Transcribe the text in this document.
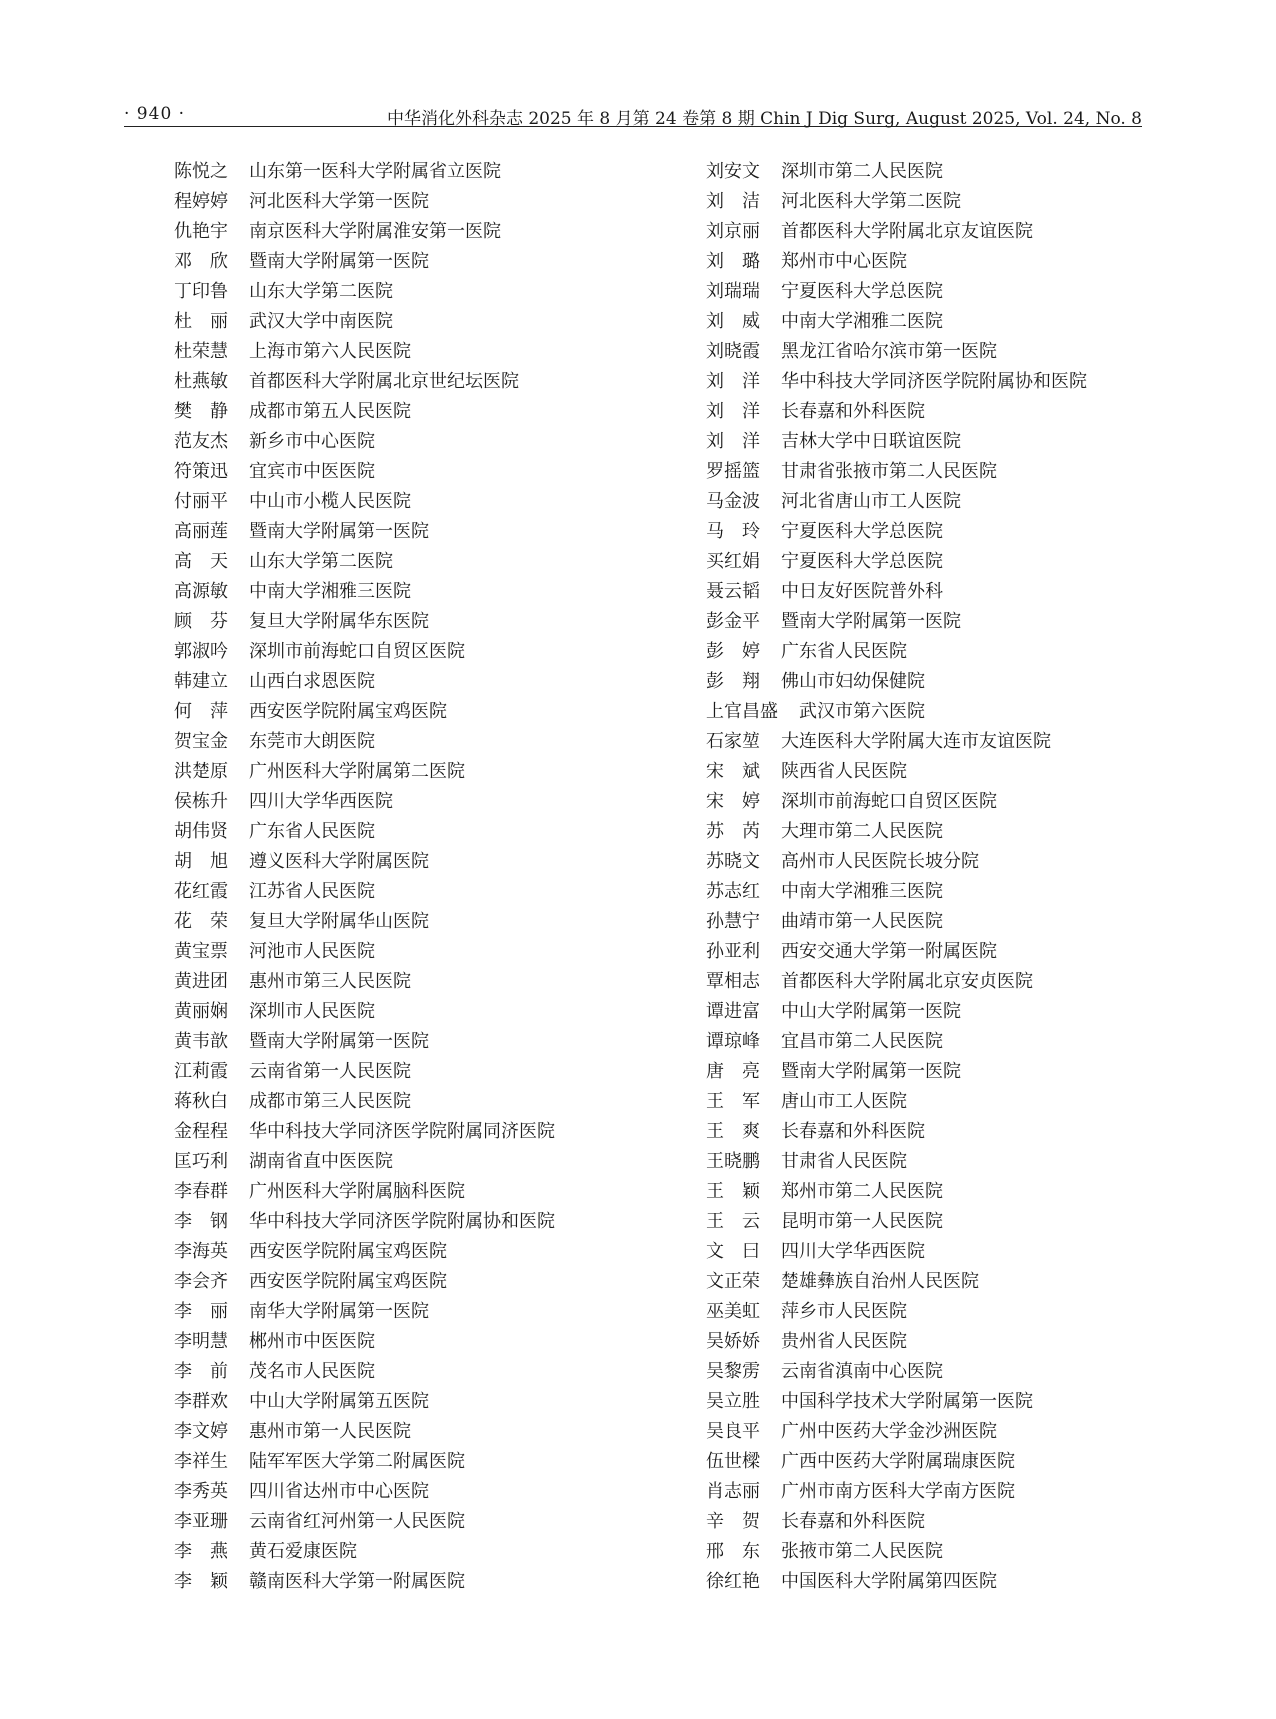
· 940 ·	中华消化外科杂志 2025 年 8 月第 24 卷第 8 期 Chin J Dig Surg, August 2025, Vol. 24, No. 8
陈悦之 山东第一医科大学附属省立医院
程婷婷 河北医科大学第一医院
仇艳宇 南京医科大学附属淮安第一医院
邓　欣 暨南大学附属第一医院
丁印鲁 山东大学第二医院
杜　丽 武汉大学中南医院
杜荣慧 上海市第六人民医院
杜燕敏 首都医科大学附属北京世纪坛医院
樊　静 成都市第五人民医院
范友杰 新乡市中心医院
符策迅 宜宾市中医医院
付丽平 中山市小榄人民医院
高丽莲 暨南大学附属第一医院
高　天 山东大学第二医院
高源敏 中南大学湘雅三医院
顾　芬 复旦大学附属华东医院
郭淑吟 深圳市前海蛇口自贸区医院
韩建立 山西白求恩医院
何　萍 西安医学院附属宝鸡医院
贺宝金 东莞市大朗医院
洪楚原 广州医科大学附属第二医院
侯栋升 四川大学华西医院
胡伟贤 广东省人民医院
胡　旭 遵义医科大学附属医院
花红霞 江苏省人民医院
花　荣 复旦大学附属华山医院
黄宝票 河池市人民医院
黄进团 惠州市第三人民医院
黄丽娴 深圳市人民医院
黄韦歆 暨南大学附属第一医院
江莉霞 云南省第一人民医院
蒋秋白 成都市第三人民医院
金程程 华中科技大学同济医学院附属同济医院
匡巧利 湖南省直中医医院
李春群 广州医科大学附属脑科医院
李　钢 华中科技大学同济医学院附属协和医院
李海英 西安医学院附属宝鸡医院
李会齐 西安医学院附属宝鸡医院
李　丽 南华大学附属第一医院
李明慧 郴州市中医医院
李　前 茂名市人民医院
李群欢 中山大学附属第五医院
李文婷 惠州市第一人民医院
李祥生 陆军军医大学第二附属医院
李秀英 四川省达州市中心医院
李亚珊 云南省红河州第一人民医院
李　燕 黄石爱康医院
李　颖 赣南医科大学第一附属医院
刘安文 深圳市第二人民医院
刘　洁 河北医科大学第二医院
刘京丽 首都医科大学附属北京友谊医院
刘　璐 郑州市中心医院
刘瑞瑞 宁夏医科大学总医院
刘　威 中南大学湘雅二医院
刘晓霞 黑龙江省哈尔滨市第一医院
刘　洋 华中科技大学同济医学院附属协和医院
刘　洋 长春嘉和外科医院
刘　洋 吉林大学中日联谊医院
罗摇篮 甘肃省张掖市第二人民医院
马金波 河北省唐山市工人医院
马　玲 宁夏医科大学总医院
买红娟 宁夏医科大学总医院
聂云韬 中日友好医院普外科
彭金平 暨南大学附属第一医院
彭　婷 广东省人民医院
彭　翔 佛山市妇幼保健院
上官昌盛 武汉市第六医院
石家堃 大连医科大学附属大连市友谊医院
宋　斌 陕西省人民医院
宋　婷 深圳市前海蛇口自贸区医院
苏　芮 大理市第二人民医院
苏晓文 高州市人民医院长坡分院
苏志红 中南大学湘雅三医院
孙慧宁 曲靖市第一人民医院
孙亚利 西安交通大学第一附属医院
覃相志 首都医科大学附属北京安贞医院
谭进富 中山大学附属第一医院
谭琼峰 宜昌市第二人民医院
唐　亮 暨南大学附属第一医院
王　军 唐山市工人医院
王　爽 长春嘉和外科医院
王晓鹏 甘肃省人民医院
王　颖 郑州市第二人民医院
王　云 昆明市第一人民医院
文　曰 四川大学华西医院
文正荣 楚雄彝族自治州人民医院
巫美虹 萍乡市人民医院
吴娇娇 贵州省人民医院
吴黎雳 云南省滇南中心医院
吴立胜 中国科学技术大学附属第一医院
吴良平 广州中医药大学金沙洲医院
伍世樑 广西中医药大学附属瑞康医院
肖志丽 广州市南方医科大学南方医院
辛　贺 长春嘉和外科医院
邢　东 张掖市第二人民医院
徐红艳 中国医科大学附属第四医院
